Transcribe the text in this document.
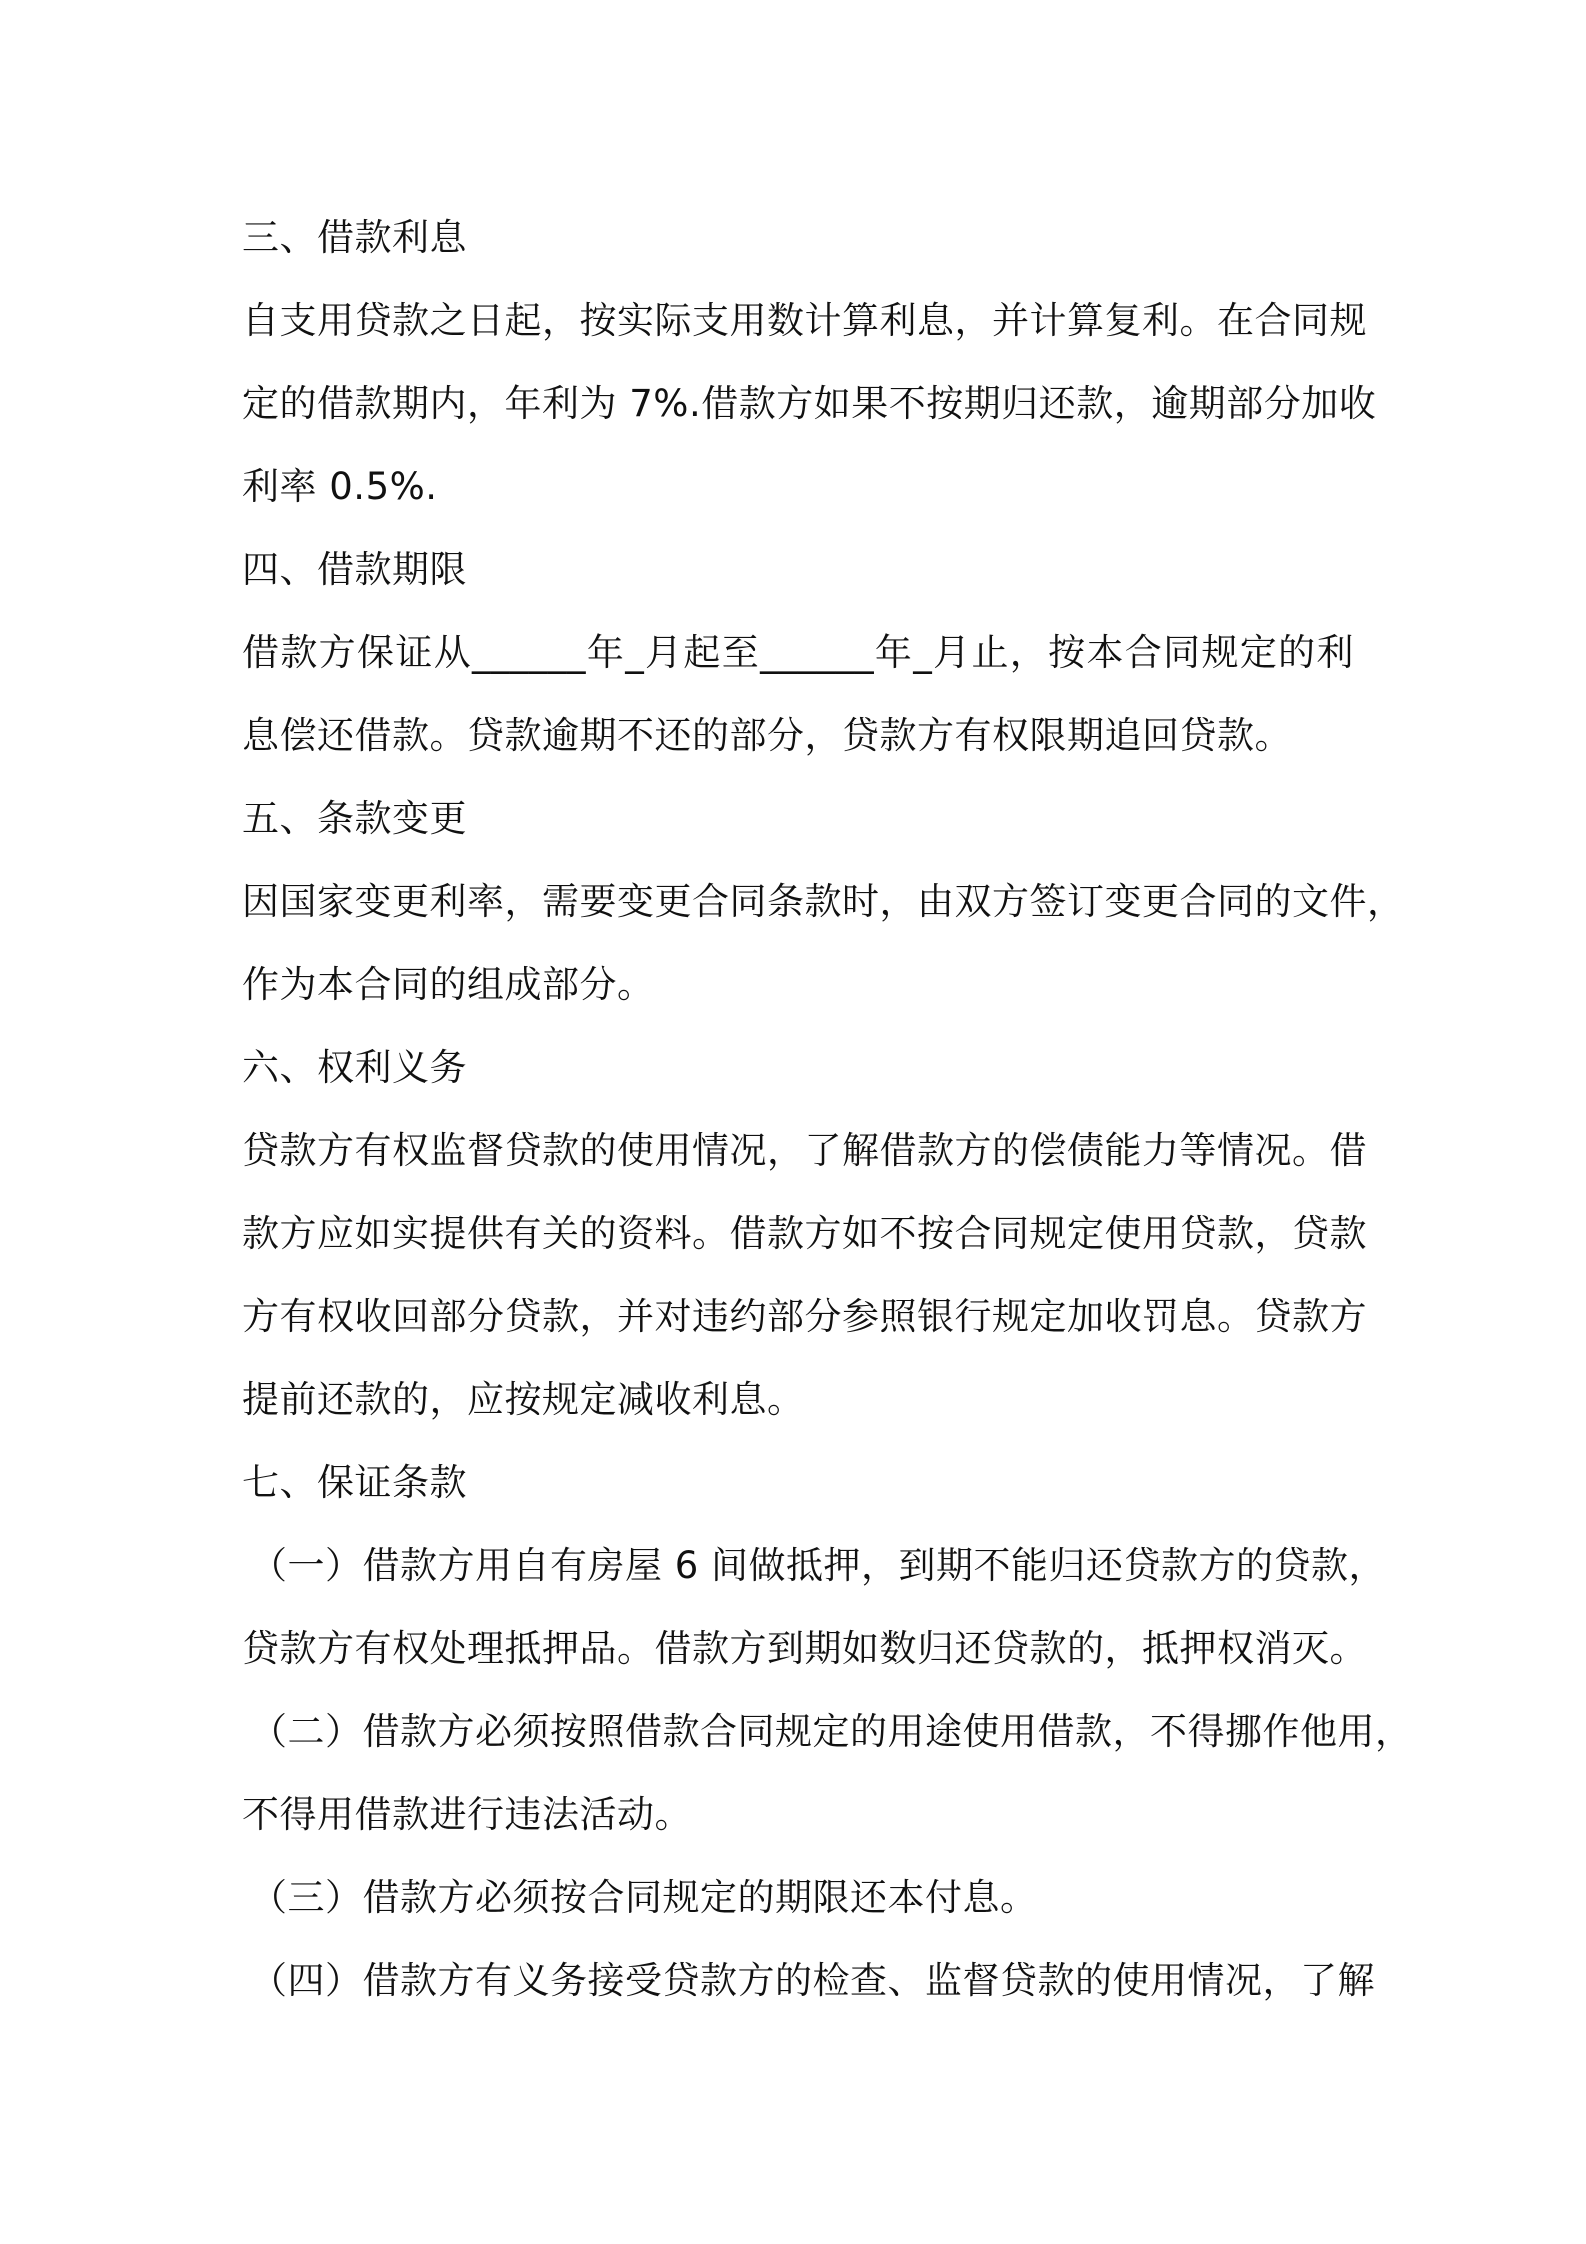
三、借款利息
自支用贷款之日起，按实际支用数计算利息，并计算复利。在合同规
定的借款期内，年利为 7%.借款方如果不按期归还款，逾期部分加收
利率 0.5%.
四、借款期限
借款方保证从______年_月起至______年_月止，按本合同规定的利
息偿还借款。贷款逾期不还的部分，贷款方有权限期追回贷款。
五、条款变更
因国家变更利率，需要变更合同条款时，由双方签订变更合同的文件，
作为本合同的组成部分。
六、权利义务
贷款方有权监督贷款的使用情况，了解借款方的偿债能力等情况。借
款方应如实提供有关的资料。借款方如不按合同规定使用贷款，贷款
方有权收回部分贷款，并对违约部分参照银行规定加收罚息。贷款方
提前还款的，应按规定减收利息。
七、保证条款
（一）借款方用自有房屋 6 间做抵押，到期不能归还贷款方的贷款，
贷款方有权处理抵押品。借款方到期如数归还贷款的，抵押权消灭。
（二）借款方必须按照借款合同规定的用途使用借款，不得挪作他用，
不得用借款进行违法活动。
（三）借款方必须按合同规定的期限还本付息。
（四）借款方有义务接受贷款方的检查、监督贷款的使用情况，了解
